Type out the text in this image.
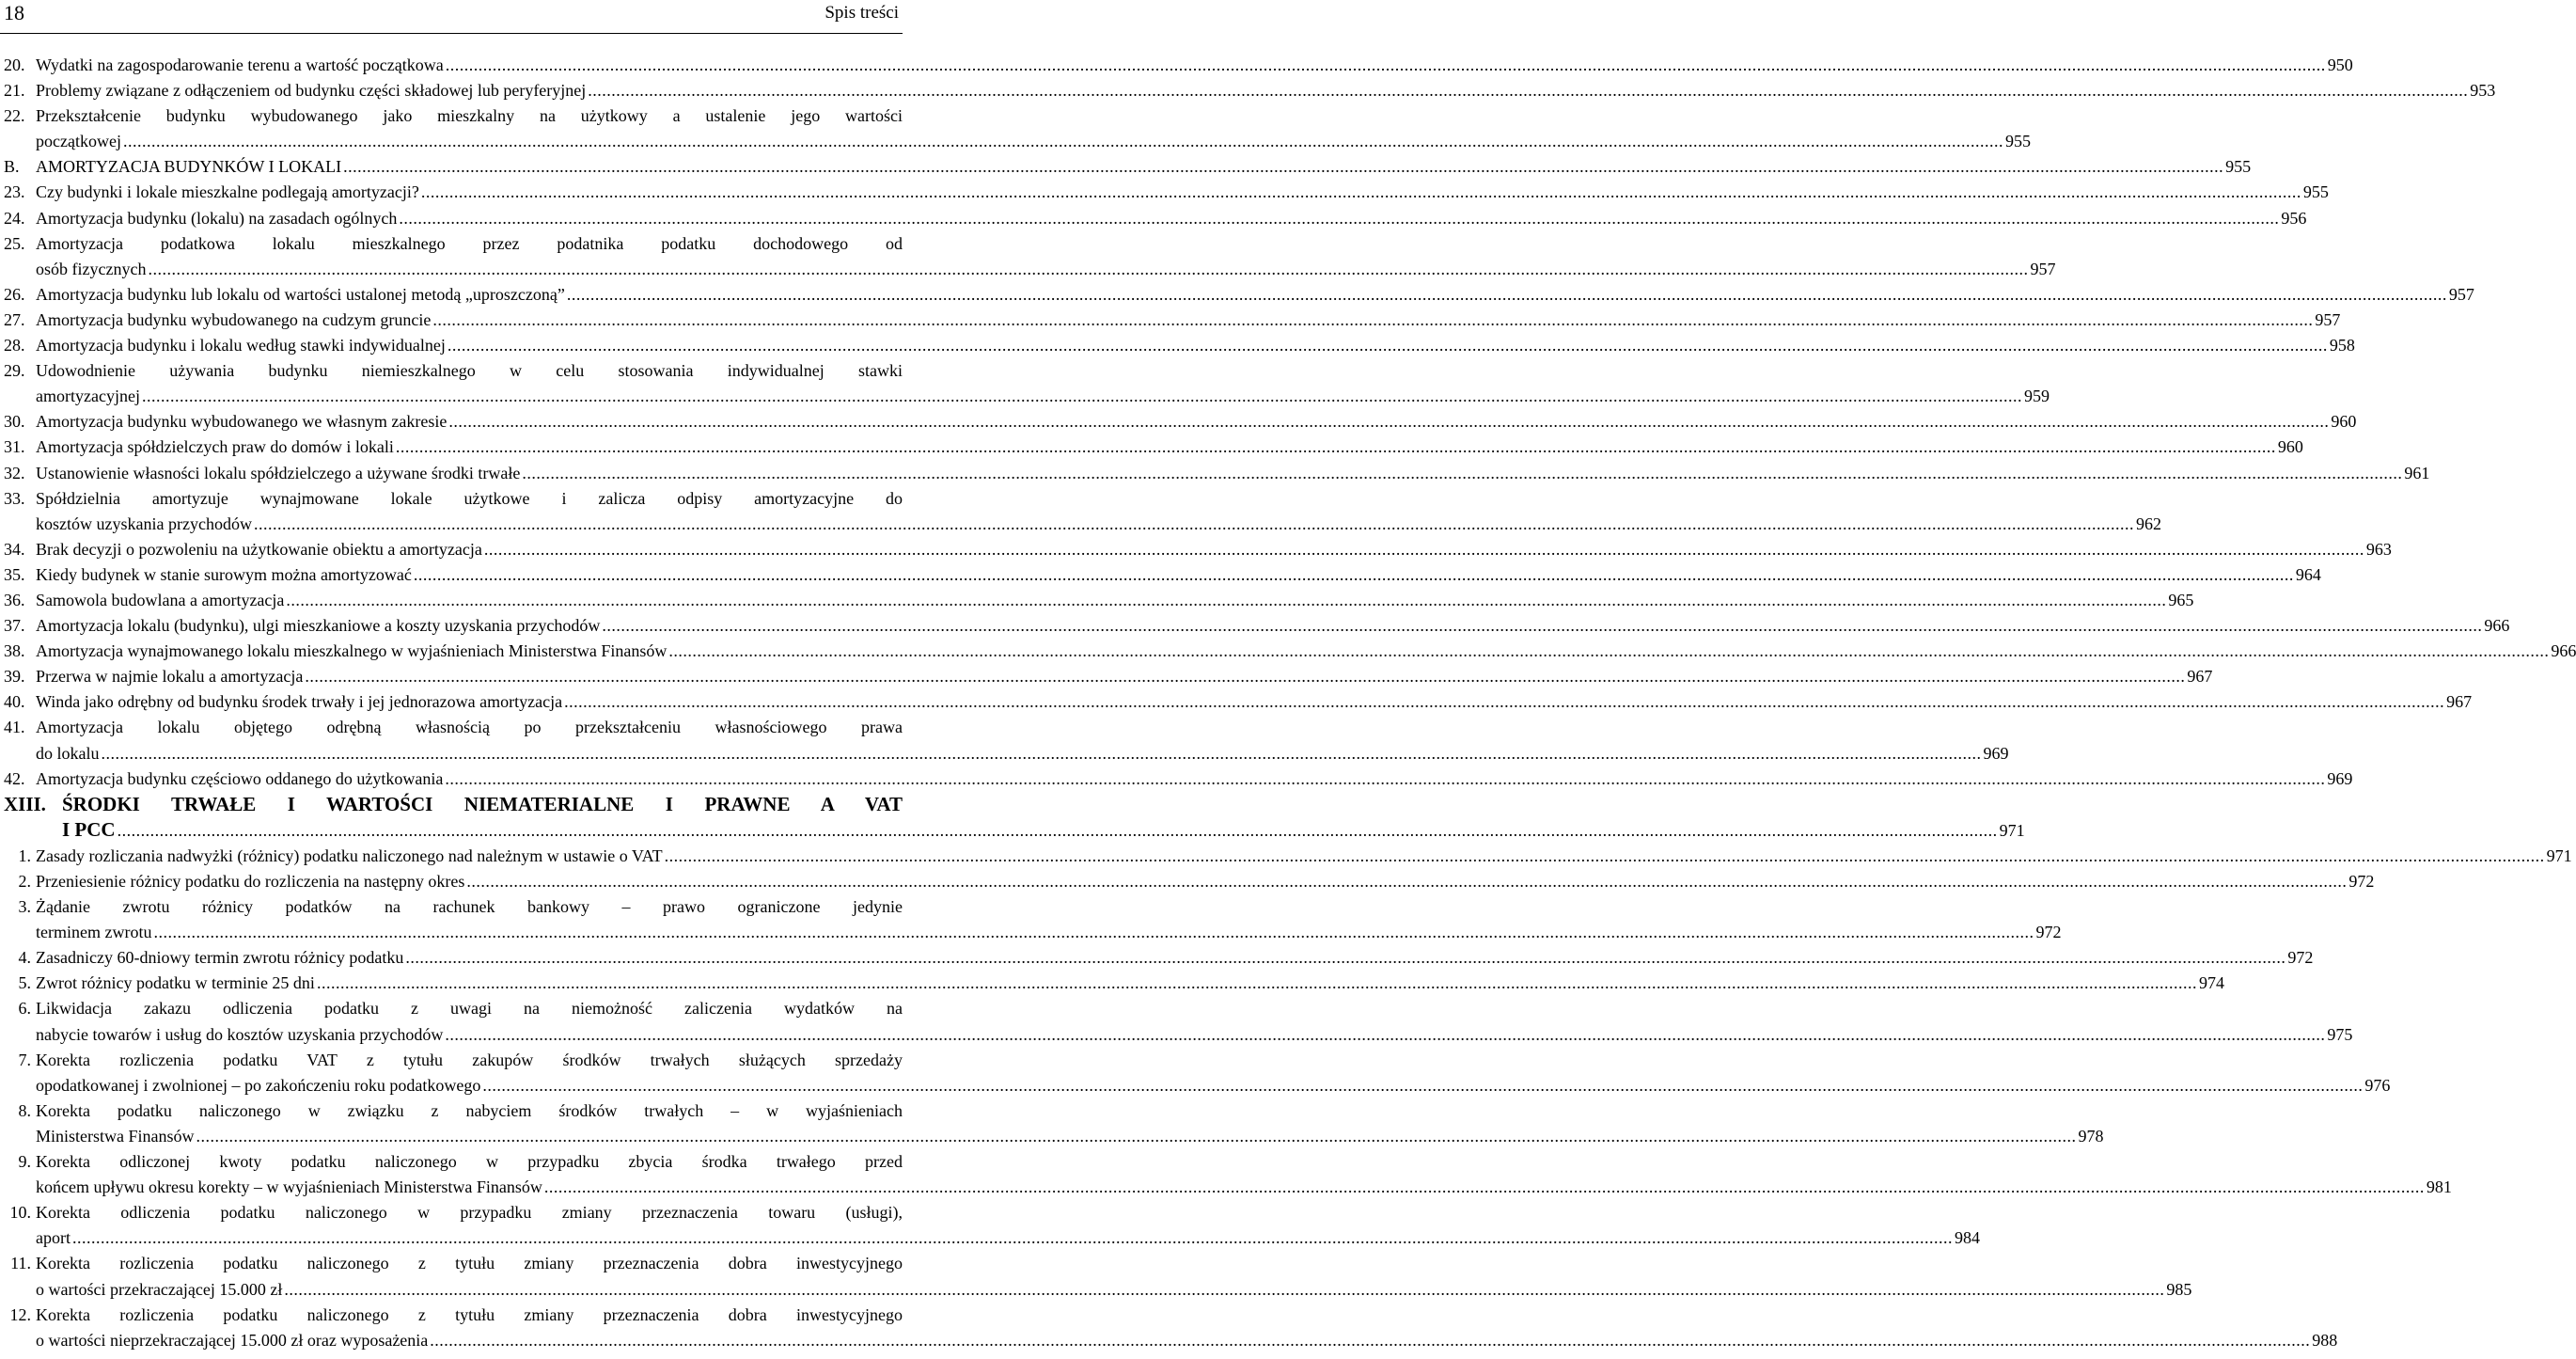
18	Spis treści
20. Wydatki na zagospodarowanie terenu a wartość początkowa ................................................................................................................................................................................................................................................................................................................................................................................................................ 950
21. Problemy związane z odłączeniem od budynku części składowej lub peryferyjnej ................................................................................................................................................................................................................................................................................................................................................................................................................ 953
22. Przekształcenie budynku wybudowanego jako mieszkalny na użytkowy a ustalenie jego wartości
początkowej ................................................................................................................................................................................................................................................................................................................................................................................................................ 955
B. AMORTYZACJA BUDYNKÓW I LOKALI ................................................................................................................................................................................................................................................................................................................................................................................................................ 955
23. Czy budynki i lokale mieszkalne podlegają amortyzacji? ................................................................................................................................................................................................................................................................................................................................................................................................................ 955
24. Amortyzacja budynku (lokalu) na zasadach ogólnych ................................................................................................................................................................................................................................................................................................................................................................................................................ 956
25. Amortyzacja podatkowa lokalu mieszkalnego przez podatnika podatku dochodowego od
osób fizycznych ................................................................................................................................................................................................................................................................................................................................................................................................................ 957
26. Amortyzacja budynku lub lokalu od wartości ustalonej metodą „uproszczoną” ................................................................................................................................................................................................................................................................................................................................................................................................................ 957
27. Amortyzacja budynku wybudowanego na cudzym gruncie ................................................................................................................................................................................................................................................................................................................................................................................................................ 957
28. Amortyzacja budynku i lokalu według stawki indywidualnej ................................................................................................................................................................................................................................................................................................................................................................................................................ 958
29. Udowodnienie używania budynku niemieszkalnego w celu stosowania indywidualnej stawki
amortyzacyjnej ................................................................................................................................................................................................................................................................................................................................................................................................................ 959
30. Amortyzacja budynku wybudowanego we własnym zakresie ................................................................................................................................................................................................................................................................................................................................................................................................................ 960
31. Amortyzacja spółdzielczych praw do domów i lokali ................................................................................................................................................................................................................................................................................................................................................................................................................ 960
32. Ustanowienie własności lokalu spółdzielczego a używane środki trwałe ................................................................................................................................................................................................................................................................................................................................................................................................................ 961
33. Spółdzielnia amortyzuje wynajmowane lokale użytkowe i zalicza odpisy amortyzacyjne do
kosztów uzyskania przychodów ................................................................................................................................................................................................................................................................................................................................................................................................................ 962
34. Brak decyzji o pozwoleniu na użytkowanie obiektu a amortyzacja ................................................................................................................................................................................................................................................................................................................................................................................................................ 963
35. Kiedy budynek w stanie surowym można amortyzować ................................................................................................................................................................................................................................................................................................................................................................................................................ 964
36. Samowola budowlana a amortyzacja ................................................................................................................................................................................................................................................................................................................................................................................................................ 965
37. Amortyzacja lokalu (budynku), ulgi mieszkaniowe a koszty uzyskania przychodów ................................................................................................................................................................................................................................................................................................................................................................................................................ 966
38. Amortyzacja wynajmowanego lokalu mieszkalnego w wyjaśnieniach Ministerstwa Finansów ................................................................................................................................................................................................................................................................................................................................................................................................................ 966
39. Przerwa w najmie lokalu a amortyzacja ................................................................................................................................................................................................................................................................................................................................................................................................................ 967
40. Winda jako odrębny od budynku środek trwały i jej jednorazowa amortyzacja ................................................................................................................................................................................................................................................................................................................................................................................................................ 967
41. Amortyzacja lokalu objętego odrębną własnością po przekształceniu własnościowego prawa
do lokalu ................................................................................................................................................................................................................................................................................................................................................................................................................ 969
42. Amortyzacja budynku częściowo oddanego do użytkowania ................................................................................................................................................................................................................................................................................................................................................................................................................ 969
XIII. ŚRODKI TRWAŁE I WARTOŚCI NIEMATERIALNE I PRAWNE A VAT
I PCC ................................................................................................................................................................................................................................................................................................................................................................................................................ 971
1. Zasady rozliczania nadwyżki (różnicy) podatku naliczonego nad należnym w ustawie o VAT ................................................................................................................................................................................................................................................................................................................................................................................................................ 971
2. Przeniesienie różnicy podatku do rozliczenia na następny okres ................................................................................................................................................................................................................................................................................................................................................................................................................ 972
3. Żądanie zwrotu różnicy podatków na rachunek bankowy – prawo ograniczone jedynie
terminem zwrotu ................................................................................................................................................................................................................................................................................................................................................................................................................ 972
4. Zasadniczy 60-dniowy termin zwrotu różnicy podatku ................................................................................................................................................................................................................................................................................................................................................................................................................ 972
5. Zwrot różnicy podatku w terminie 25 dni ................................................................................................................................................................................................................................................................................................................................................................................................................ 974
6. Likwidacja zakazu odliczenia podatku z uwagi na niemożność zaliczenia wydatków na
nabycie towarów i usług do kosztów uzyskania przychodów ................................................................................................................................................................................................................................................................................................................................................................................................................ 975
7. Korekta rozliczenia podatku VAT z tytułu zakupów środków trwałych służących sprzedaży
opodatkowanej i zwolnionej – po zakończeniu roku podatkowego ................................................................................................................................................................................................................................................................................................................................................................................................................ 976
8. Korekta podatku naliczonego w związku z nabyciem środków trwałych – w wyjaśnieniach
Ministerstwa Finansów ................................................................................................................................................................................................................................................................................................................................................................................................................ 978
9. Korekta odliczonej kwoty podatku naliczonego w przypadku zbycia środka trwałego przed
końcem upływu okresu korekty – w wyjaśnieniach Ministerstwa Finansów ................................................................................................................................................................................................................................................................................................................................................................................................................ 981
10. Korekta odliczenia podatku naliczonego w przypadku zmiany przeznaczenia towaru (usługi),
aport ................................................................................................................................................................................................................................................................................................................................................................................................................ 984
11. Korekta rozliczenia podatku naliczonego z tytułu zmiany przeznaczenia dobra inwestycyjnego
o wartości przekraczającej 15.000 zł ................................................................................................................................................................................................................................................................................................................................................................................................................ 985
12. Korekta rozliczenia podatku naliczonego z tytułu zmiany przeznaczenia dobra inwestycyjnego
o wartości nieprzekraczającej 15.000 zł oraz wyposażenia ................................................................................................................................................................................................................................................................................................................................................................................................................ 988
